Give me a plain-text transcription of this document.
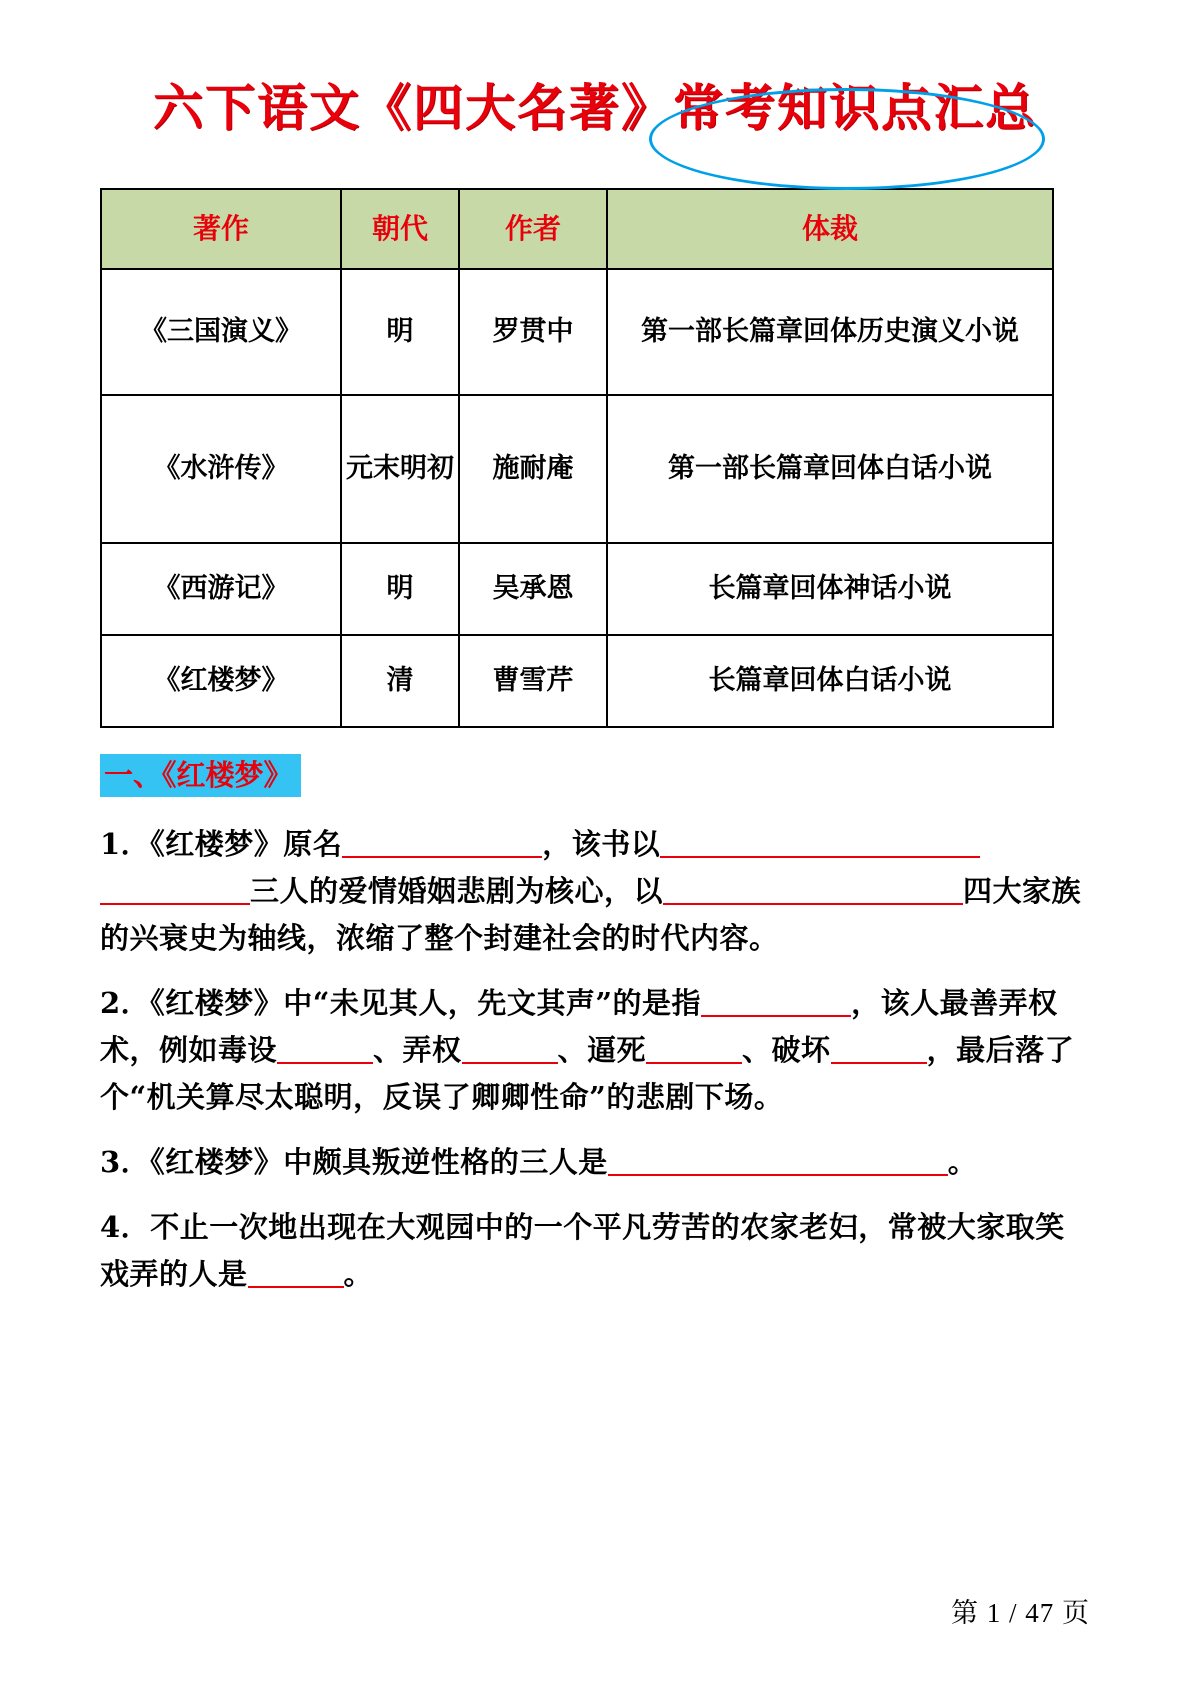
六下语文《四大名著》常考知识点汇总
著作	朝代	作者	体裁
《三国演义》	明	罗贯中	第一部长篇章回体历史演义小说
《水浒传》	元末明初	施耐庵	第一部长篇章回体白话小说
《西游记》	明	吴承恩	长篇章回体神话小说
《红楼梦》	清	曹雪芹	长篇章回体白话小说
一、《红楼梦》
1．《红楼梦》原名	，该书以三人的爱情婚姻悲剧为核心，以	四大家族的兴衰史为轴线，浓缩了整个封建社会的时代内容。
2．《红楼梦》中“未见其人，先文其声”的是指	，该人最善弄权术，例如毒设	、弄权	、逼死	、破坏	，最后落了个“机关算尽太聪明，反误了卿卿性命”的悲剧下场。
3．《红楼梦》中颇具叛逆性格的三人是	。
4．不止一次地出现在大观园中的一个平凡劳苦的农家老妇，常被大家取笑戏弄的人是	。
第 1 / 47 页
